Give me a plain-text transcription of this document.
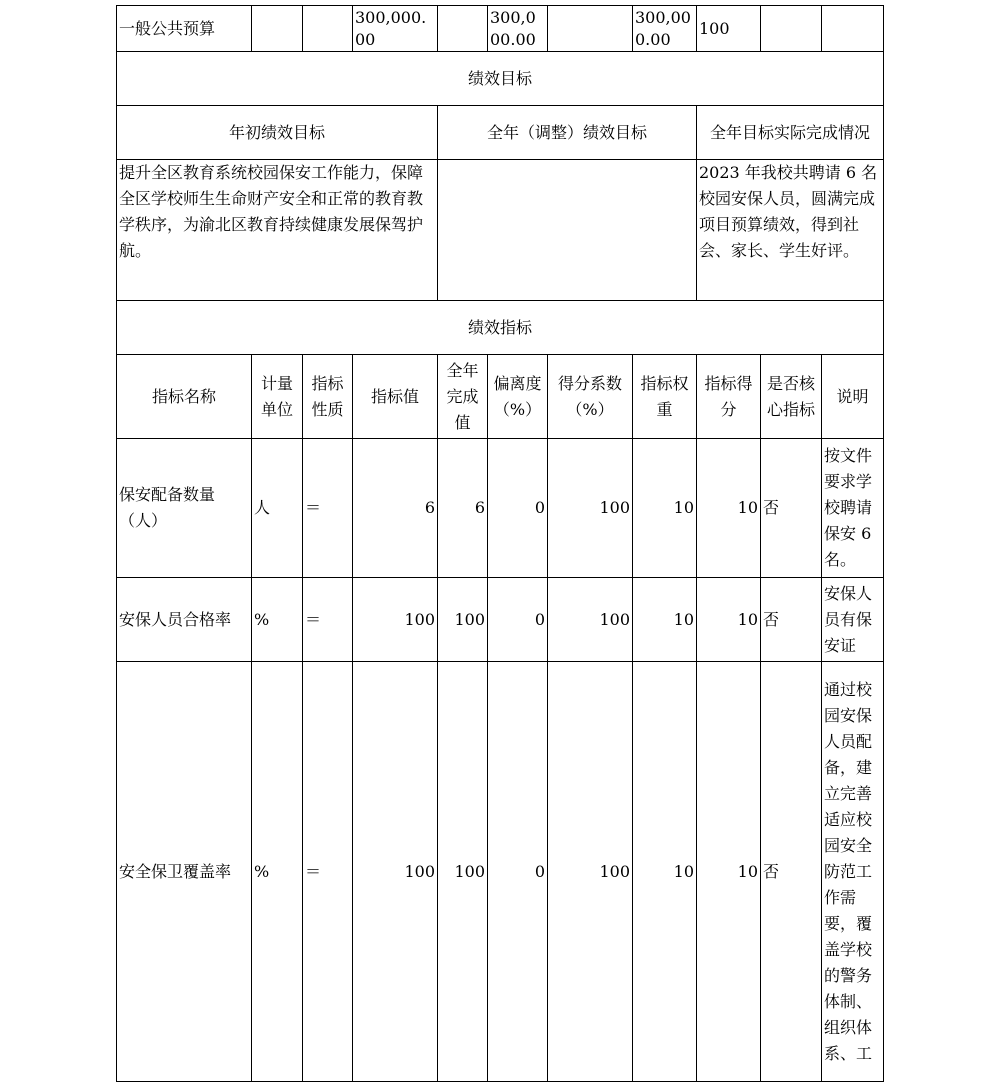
一般公共预算			300,000.00		300,000.00		300,000.00	100		
绩效目标										
年初绩效目标				全年（调整）绩效目标				全年目标实际完成情况		
提升全区教育系统校园保安工作能力，保障全区学校师生生命财产安全和正常的教育教学秩序，为渝北区教育持续健康发展保驾护航。								2023 年我校共聘请 6 名校园安保人员，圆满完成项目预算绩效，得到社会、家长、学生好评。		
绩效指标										
指标名称	计量单位	指标性质	指标值	全年完成值	偏离度（%）	得分系数（%）	指标权重	指标得分	是否核心指标	说明
保安配备数量（人）	人	＝	6	6	0	100	10	10	否	按文件要求学校聘请保安 6 名。
安保人员合格率	%	＝	100	100	0	100	10	10	否	安保人员有保安证
安全保卫覆盖率	%	＝	100	100	0	100	10	10	否	通过校园安保人员配备，建立完善适应校园安全防范工作需要，覆盖学校的警务体制、组织体系、工
